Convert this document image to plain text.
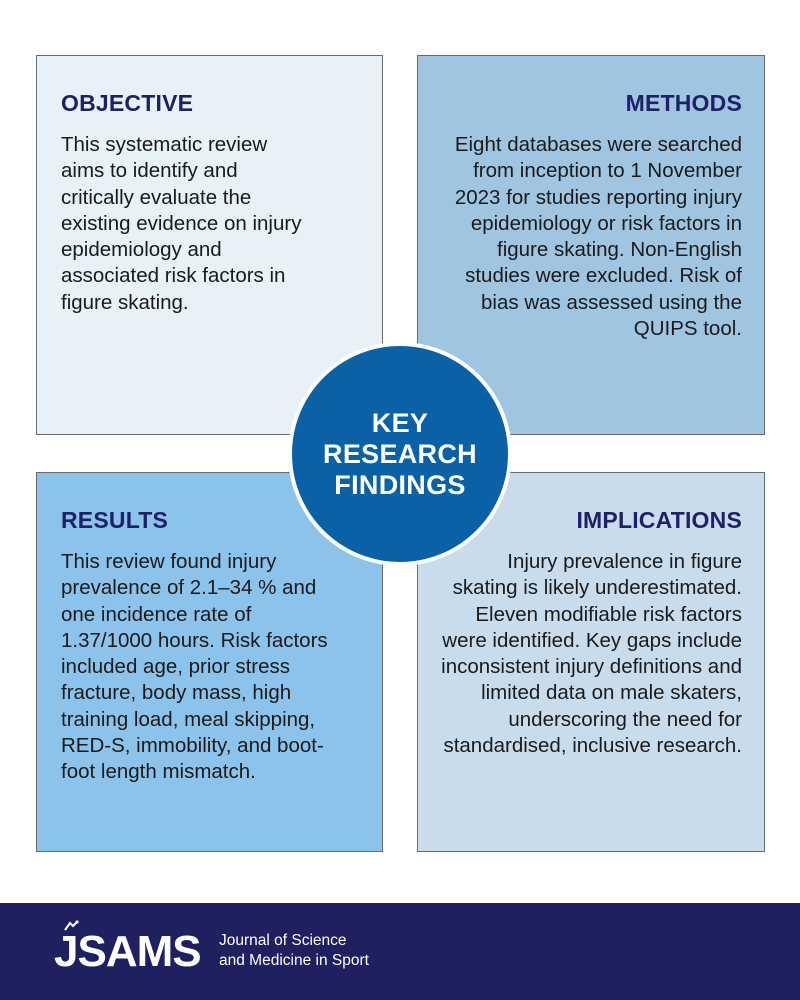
OBJECTIVE

This systematic review aims to identify and critically evaluate the existing evidence on injury epidemiology and associated risk factors in figure skating.

METHODS

Eight databases were searched from inception to 1 November 2023 for studies reporting injury epidemiology or risk factors in figure skating. Non-English studies were excluded. Risk of bias was assessed using the QUIPS tool.

RESULTS

This review found injury prevalence of 2.1–34 % and one incidence rate of 1.37/1000 hours. Risk factors included age, prior stress fracture, body mass, high training load, meal skipping, RED-S, immobility, and boot-foot length mismatch.

IMPLICATIONS

Injury prevalence in figure skating is likely underestimated. Eleven modifiable risk factors were identified. Key gaps include inconsistent injury definitions and limited data on male skaters, underscoring the need for standardised, inclusive research.

KEY
RESEARCH
FINDINGS
JSAMS Journal of Science
and Medicine in Sport
